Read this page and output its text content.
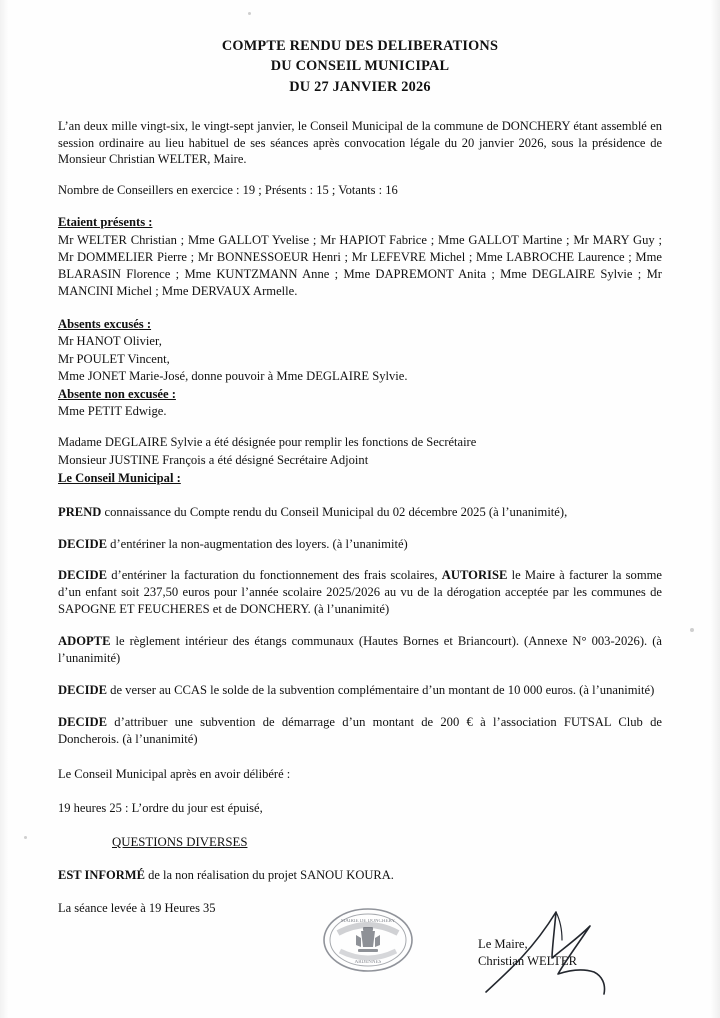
COMPTE RENDU DES DELIBERATIONS
DU CONSEIL MUNICIPAL
DU 27 JANVIER 2026
L’an deux mille vingt-six, le vingt-sept janvier, le Conseil Municipal de la commune de DONCHERY étant assemblé en session ordinaire au lieu habituel de ses séances après convocation légale du 20 janvier 2026, sous la présidence de Monsieur Christian WELTER, Maire.
Nombre de Conseillers en exercice : 19 ; Présents : 15 ; Votants : 16
Etaient présents :
Mr WELTER Christian ; Mme GALLOT Yvelise ; Mr HAPIOT Fabrice ; Mme GALLOT Martine ; Mr MARY Guy ; Mr DOMMELIER Pierre ; Mr BONNESSOEUR Henri ; Mr LEFEVRE Michel ; Mme LABROCHE Laurence ; Mme BLARASIN Florence ; Mme KUNTZMANN Anne ; Mme DAPREMONT Anita ; Mme DEGLAIRE Sylvie ; Mr MANCINI Michel ; Mme DERVAUX Armelle.
Absents excusés :
Mr HANOT Olivier,
Mr POULET Vincent,
Mme JONET Marie-José, donne pouvoir à Mme DEGLAIRE Sylvie.
Absente non excusée :
Mme PETIT Edwige.
Madame DEGLAIRE Sylvie a été désignée pour remplir les fonctions de Secrétaire
Monsieur JUSTINE François a été désigné Secrétaire Adjoint
Le Conseil Municipal :
PREND connaissance du Compte rendu du Conseil Municipal du 02 décembre 2025 (à l’unanimité),
DECIDE d’entériner la non-augmentation des loyers. (à l’unanimité)
DECIDE d’entériner la facturation du fonctionnement des frais scolaires, AUTORISE le Maire à facturer la somme d’un enfant soit 237,50 euros pour l’année scolaire 2025/2026 au vu de la dérogation acceptée par les communes de SAPOGNE ET FEUCHERES et de DONCHERY. (à l’unanimité)
ADOPTE le règlement intérieur des étangs communaux (Hautes Bornes et Briancourt). (Annexe N° 003-2026). (à l’unanimité)
DECIDE de verser au CCAS le solde de la subvention complémentaire d’un montant de 10 000 euros. (à l’unanimité)
DECIDE d’attribuer une subvention de démarrage d’un montant de 200 € à l’association FUTSAL Club de Doncherois. (à l’unanimité)
Le Conseil Municipal après en avoir délibéré :
19 heures 25 : L’ordre du jour est épuisé,
QUESTIONS DIVERSES
EST INFORMÉ de la non réalisation du projet SANOU KOURA.
La séance levée à 19 Heures 35
Le Maire,
Christian WELTER
MAIRIE DE DONCHERY
ARDENNES
